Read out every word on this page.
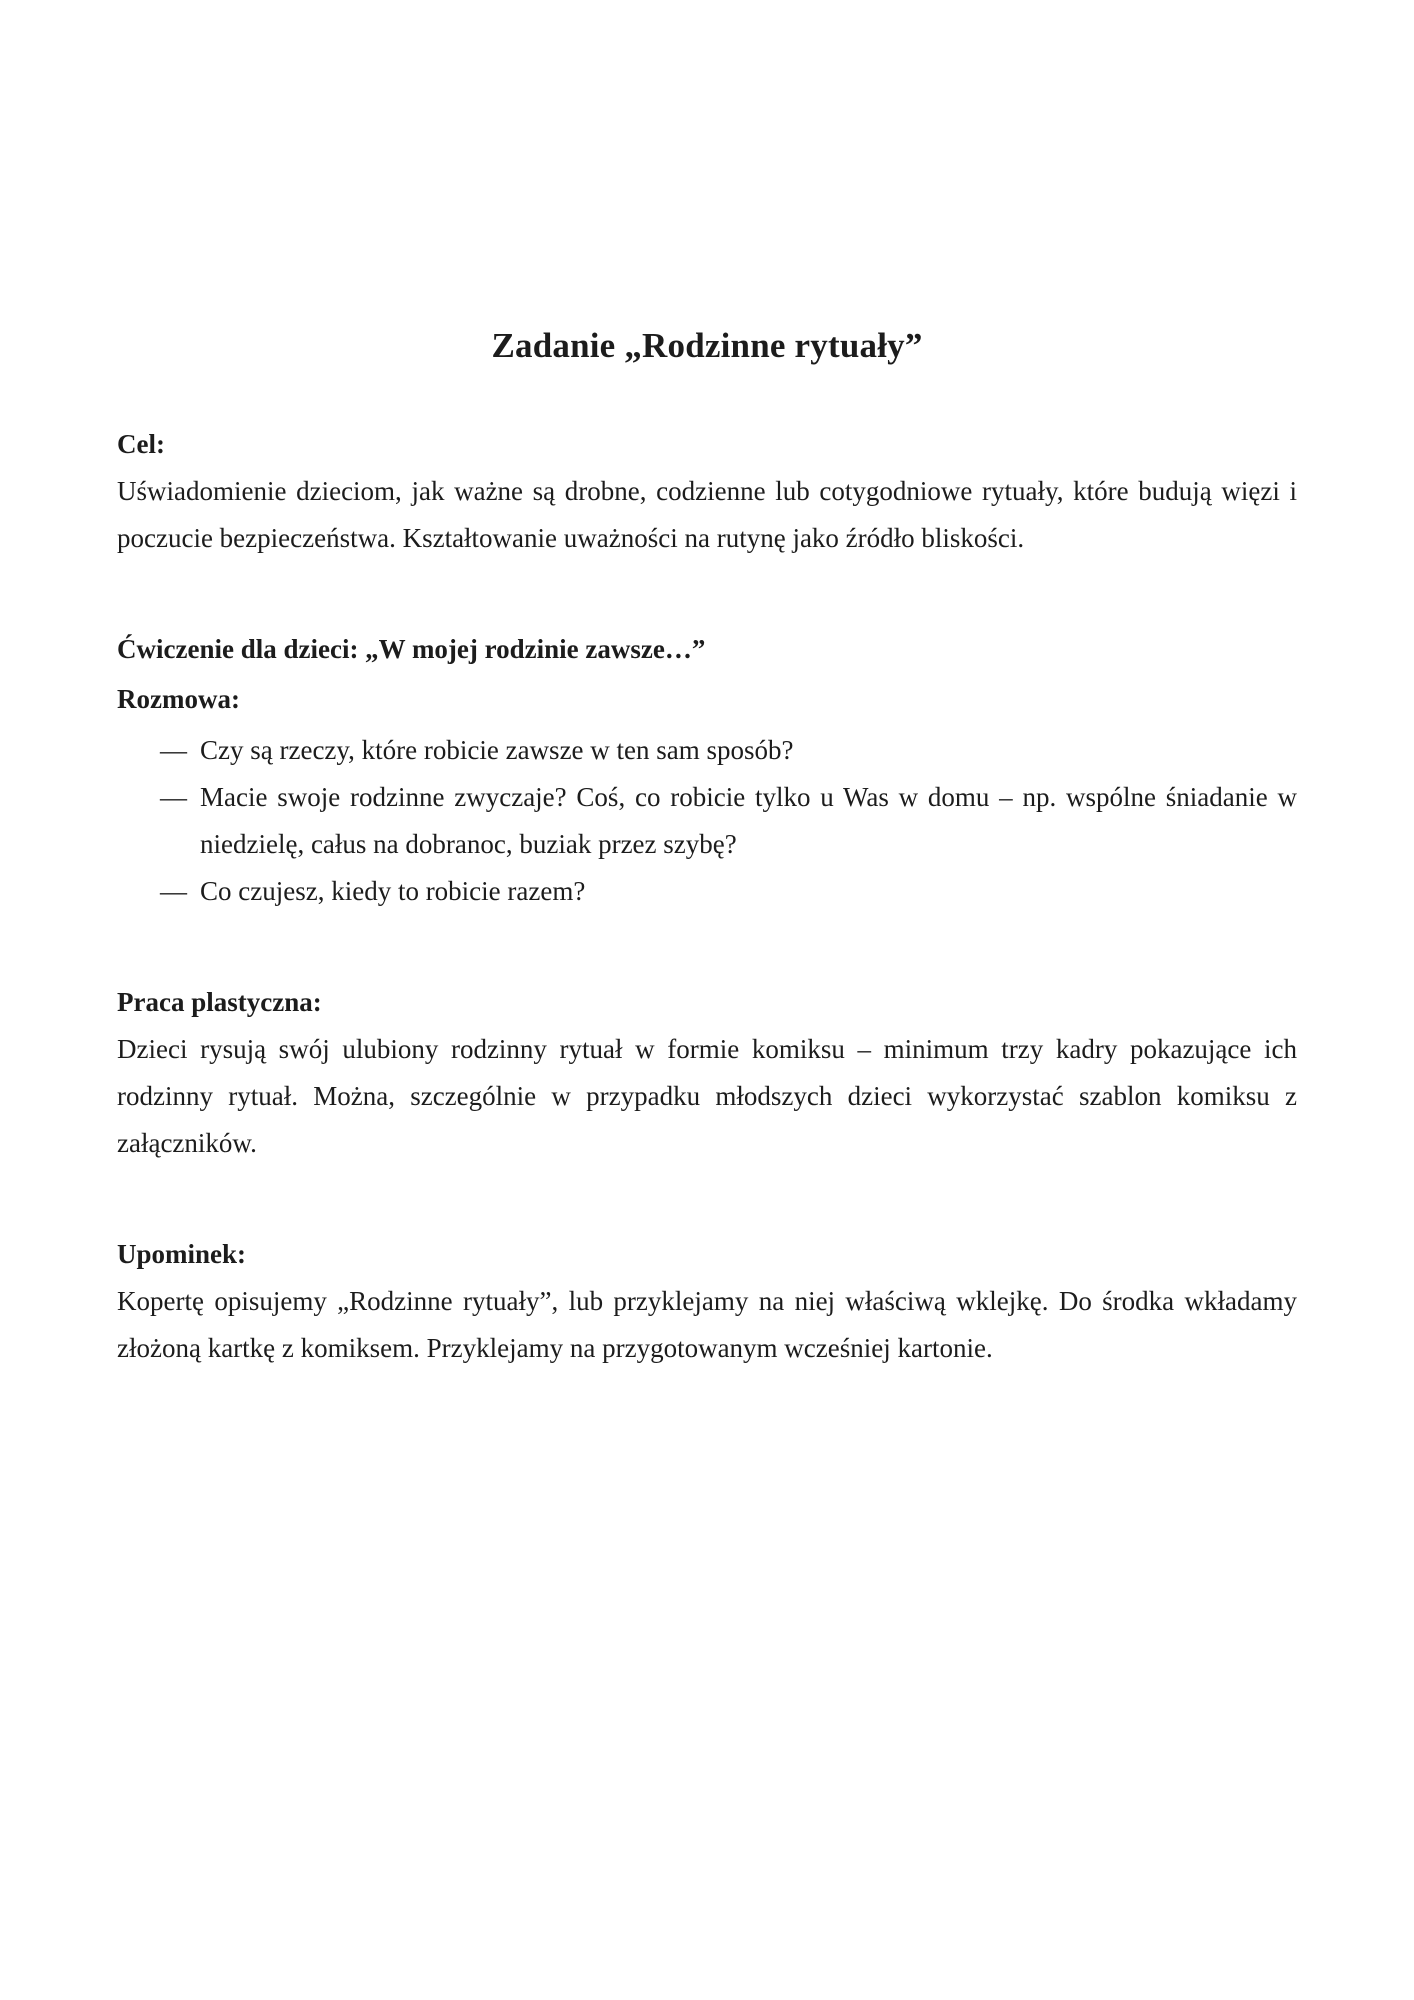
Zadanie „Rodzinne rytuały”
Cel:

Uświadomienie dzieciom, jak ważne są drobne, codzienne lub cotygodniowe rytuały, które budują więzi i poczucie bezpieczeństwa. Kształtowanie uważności na rutynę jako źródło bliskości.

Ćwiczenie dla dzieci: „W mojej rodzinie zawsze…”
Rozmowa:
— Czy są rzeczy, które robicie zawsze w ten sam sposób?
— Macie swoje rodzinne zwyczaje? Coś, co robicie tylko u Was w domu – np. wspólne śniadanie w niedzielę, całus na dobranoc, buziak przez szybę?
— Co czujesz, kiedy to robicie razem?
Praca plastyczna:

Dzieci rysują swój ulubiony rodzinny rytuał w formie komiksu – minimum trzy kadry pokazujące ich rodzinny rytuał. Można, szczególnie w przypadku młodszych dzieci wykorzystać szablon komiksu z załączników.

Upominek:

Kopertę opisujemy „Rodzinne rytuały”, lub przyklejamy na niej właściwą wklejkę. Do środka wkładamy złożoną kartkę z komiksem. Przyklejamy na przygotowanym wcześniej kartonie.
